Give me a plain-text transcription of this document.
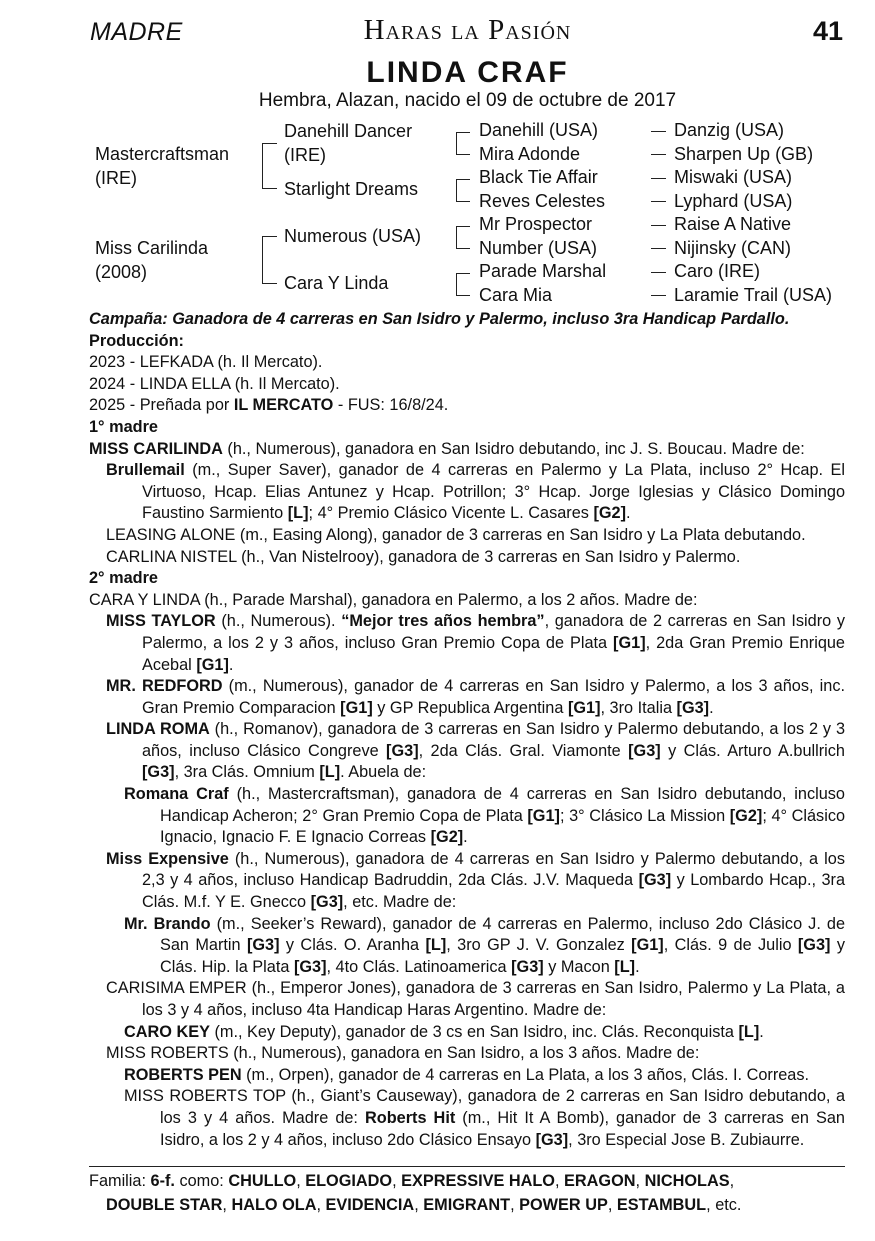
MADRE	Haras la Pasión	41
LINDA CRAF
Hembra, Alazan, nacido el 09 de octubre de 2017
Mastercraftsman
(IRE)
Miss Carilinda
(2008)
Danehill Dancer
(IRE)
Starlight Dreams
Numerous (USA)
Cara Y Linda
Danehill (USA)
Mira Adonde
Black Tie Affair
Reves Celestes
Mr Prospector
Number (USA)
Parade Marshal
Cara Mia
Danzig (USA)
Sharpen Up (GB)
Miswaki (USA)
Lyphard (USA)
Raise A Native
Nijinsky (CAN)
Caro (IRE)
Laramie Trail (USA)

Campaña: Ganadora de 4 carreras en San Isidro y Palermo, incluso 3ra Handicap Pardallo.

Producción:

2023 - LEFKADA (h. Il Mercato).

2024 - LINDA ELLA (h. Il Mercato).

2025 - Preñada por IL MERCATO - FUS: 16/8/24.

1° madre

MISS CARILINDA (h., Numerous), ganadora en San Isidro debutando, inc J. S. Boucau. Madre de:

Brullemail (m., Super Saver), ganador de 4 carreras en Palermo y La Plata, incluso 2° Hcap. El Virtuoso, Hcap. Elias Antunez y Hcap. Potrillon; 3° Hcap. Jorge Iglesias y Clásico Domingo Faustino Sarmiento [L]; 4° Premio Clásico Vicente L. Casares [G2].

LEASING ALONE (m., Easing Along), ganador de 3 carreras en San Isidro y La Plata debutando.

CARLINA NISTEL (h., Van Nistelrooy), ganadora de 3 carreras en San Isidro y Palermo.

2° madre

CARA Y LINDA (h., Parade Marshal), ganadora en Palermo, a los 2 años. Madre de:

MISS TAYLOR (h., Numerous). “Mejor tres años hembra”, ganadora de 2 carreras en San Isidro y Palermo, a los 2 y 3 años, incluso Gran Premio Copa de Plata [G1], 2da Gran Premio Enrique Acebal [G1].

MR. REDFORD (m., Numerous), ganador de 4 carreras en San Isidro y Palermo, a los 3 años, inc. Gran Premio Comparacion [G1] y GP Republica Argentina [G1], 3ro Italia [G3].

LINDA ROMA (h., Romanov), ganadora de 3 carreras en San Isidro y Palermo debutando, a los 2 y 3 años, incluso Clásico Congreve [G3], 2da Clás. Gral. Viamonte [G3] y Clás. Arturo A.bullrich [G3], 3ra Clás. Omnium [L]. Abuela de:

Romana Craf (h., Mastercraftsman), ganadora de 4 carreras en San Isidro debutando, incluso Handicap Acheron; 2° Gran Premio Copa de Plata [G1]; 3° Clásico La Mission [G2]; 4° Clásico Ignacio, Ignacio F. E Ignacio Correas [G2].

Miss Expensive (h., Numerous), ganadora de 4 carreras en San Isidro y Palermo debutando, a los 2,3 y 4 años, incluso Handicap Badruddin, 2da Clás. J.V. Maqueda [G3] y Lombardo Hcap., 3ra Clás. M.f. Y E. Gnecco [G3], etc. Madre de:

Mr. Brando (m., Seeker’s Reward), ganador de 4 carreras en Palermo, incluso 2do Clásico J. de San Martin [G3] y Clás. O. Aranha [L], 3ro GP J. V. Gonzalez [G1], Clás. 9 de Julio [G3] y Clás. Hip. la Plata [G3], 4to Clás. Latinoamerica [G3] y Macon [L].

CARISIMA EMPER (h., Emperor Jones), ganadora de 3 carreras en San Isidro, Palermo y La Plata, a los 3 y 4 años, incluso 4ta Handicap Haras Argentino. Madre de:

CARO KEY (m., Key Deputy), ganador de 3 cs en San Isidro, inc. Clás. Reconquista [L].

MISS ROBERTS (h., Numerous), ganadora en San Isidro, a los 3 años. Madre de:

ROBERTS PEN (m., Orpen), ganador de 4 carreras en La Plata, a los 3 años, Clás. I. Correas.

MISS ROBERTS TOP (h., Giant’s Causeway), ganadora de 2 carreras en San Isidro debutando, a los 3 y 4 años. Madre de: Roberts Hit (m., Hit It A Bomb), ganador de 3 carreras en San Isidro, a los 2 y 4 años, incluso 2do Clásico Ensayo [G3], 3ro Especial Jose B. Zubiaurre.

Familia: 6-f. como: CHULLO, ELOGIADO, EXPRESSIVE HALO, ERAGON, NICHOLAS,

DOUBLE STAR, HALO OLA, EVIDENCIA, EMIGRANT, POWER UP, ESTAMBUL, etc.
